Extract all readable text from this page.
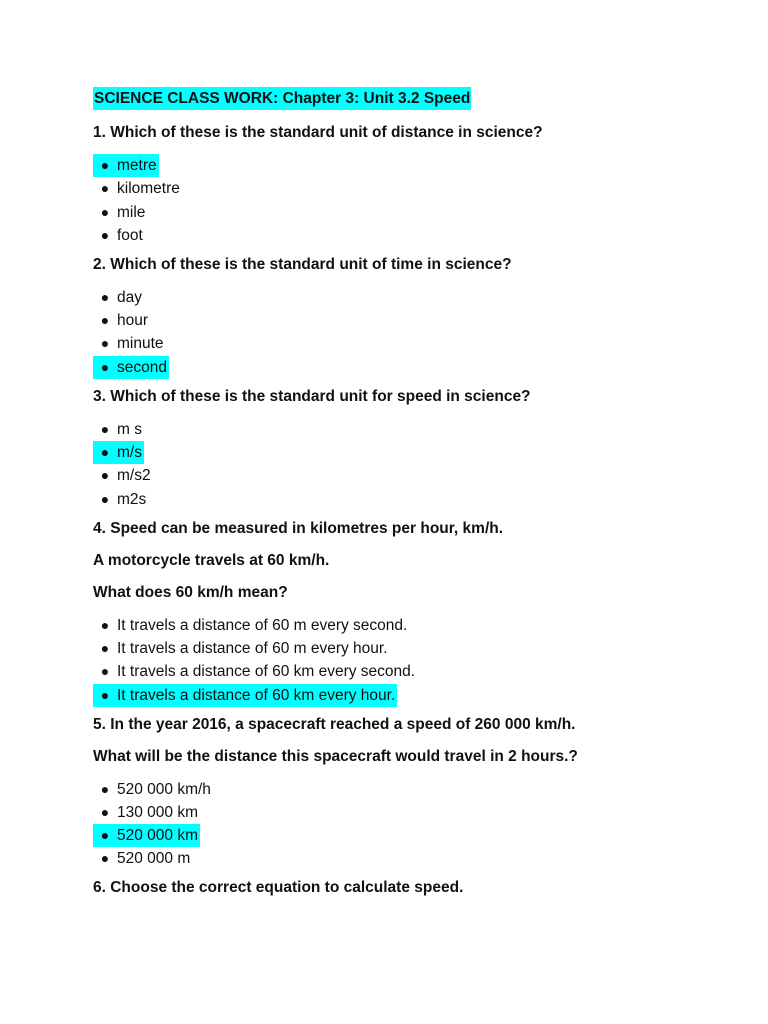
SCIENCE CLASS WORK: Chapter 3: Unit 3.2 Speed
1. Which of these is the standard unit of distance in science?
● metre
● kilometre
● mile
● foot
2. Which of these is the standard unit of time in science?
● day
● hour
● minute
● second
3. Which of these is the standard unit for speed in science?
● m s
● m/s
● m/s2
● m2s
4. Speed can be measured in kilometres per hour, km/h.
A motorcycle travels at 60 km/h.
What does 60 km/h mean?
● It travels a distance of 60 m every second.
● It travels a distance of 60 m every hour.
● It travels a distance of 60 km every second.
● It travels a distance of 60 km every hour.
5. In the year 2016, a spacecraft reached a speed of 260 000 km/h.
What will be the distance this spacecraft would travel in 2 hours.?
● 520 000 km/h
● 130 000 km
● 520 000 km
● 520 000 m
6. Choose the correct equation to calculate speed.
